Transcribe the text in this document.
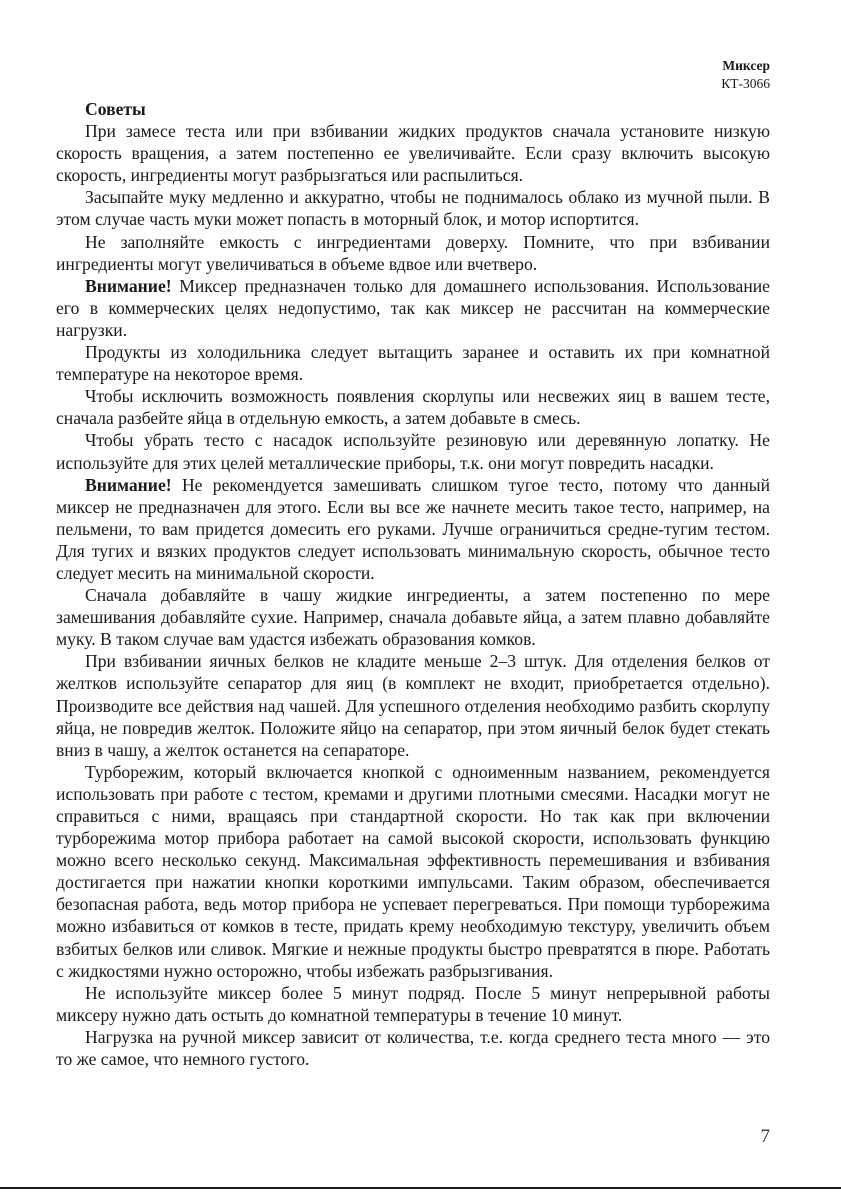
Миксер
КТ-3066

Советы

При замесе теста или при взбивании жидких продуктов сначала установите низкую скорость вращения, а затем постепенно ее увеличивайте. Если сразу включить высокую скорость, ингредиенты могут разбрызгаться или распылиться.

Засыпайте муку медленно и аккуратно, чтобы не поднималось облако из мучной пыли. В этом случае часть муки может попасть в моторный блок, и мотор испортится.

Не заполняйте емкость с ингредиентами доверху. Помните, что при взбивании ингредиенты могут увеличиваться в объеме вдвое или вчетверо.

Внимание! Миксер предназначен только для домашнего использования. Использование его в коммерческих целях недопустимо, так как миксер не рассчитан на коммерческие нагрузки.

Продукты из холодильника следует вытащить заранее и оставить их при комнатной температуре на некоторое время.

Чтобы исключить возможность появления скорлупы или несвежих яиц в вашем тесте, сначала разбейте яйца в отдельную емкость, а затем добавьте в смесь.

Чтобы убрать тесто с насадок используйте резиновую или деревянную лопатку. Не используйте для этих целей металлические приборы, т.к. они могут повредить насадки.

Внимание! Не рекомендуется замешивать слишком тугое тесто, потому что данный миксер не предназначен для этого. Если вы все же начнете месить такое тесто, например, на пельмени, то вам придется домесить его руками. Лучше ограничиться средне-тугим тестом. Для тугих и вязких продуктов следует использовать минимальную скорость, обычное тесто следует месить на минимальной скорости.

Сначала добавляйте в чашу жидкие ингредиенты, а затем постепенно по мере замешивания добавляйте сухие. Например, сначала добавьте яйца, а затем плавно добавляйте муку. В таком случае вам удастся избежать образования комков.

При взбивании яичных белков не кладите меньше 2–3 штук. Для отделения белков от желтков используйте сепаратор для яиц (в комплект не входит, приобретается отдельно). Производите все действия над чашей. Для успешного отделения необходимо разбить скорлупу яйца, не повредив желток. Положите яйцо на сепаратор, при этом яичный белок будет стекать вниз в чашу, а желток останется на сепараторе.

Турборежим, который включается кнопкой с одноименным названием, рекомендуется использовать при работе с тестом, кремами и другими плотными смесями. Насадки могут не справиться с ними, вращаясь при стандартной скорости. Но так как при включении турборежима мотор прибора работает на самой высокой скорости, использовать функцию можно всего несколько секунд. Максимальная эффективность перемешивания и взбивания достигается при нажатии кнопки короткими импульсами. Таким образом, обеспечивается безопасная работа, ведь мотор прибора не успевает перегреваться. При помощи турборежима можно избавиться от комков в тесте, придать крему необходимую текстуру, увеличить объем взбитых белков или сливок. Мягкие и нежные продукты быстро превратятся в пюре. Работать с жидкостями нужно осторожно, чтобы избежать разбрызгивания.

Не используйте миксер более 5 минут подряд. После 5 минут непрерывной работы миксеру нужно дать остыть до комнатной температуры в течение 10 минут.

Нагрузка на ручной миксер зависит от количества, т.е. когда среднего теста много — это то же самое, что немного густого.

7
